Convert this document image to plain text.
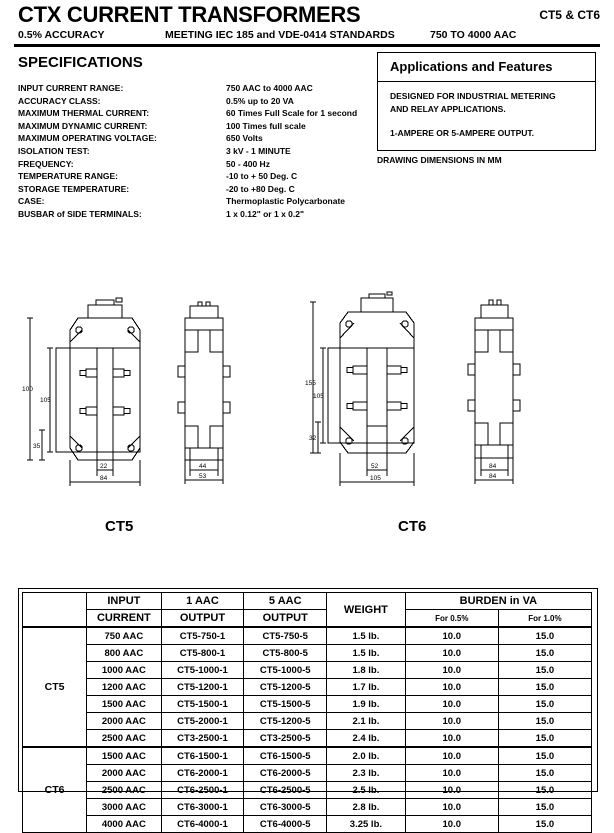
CTX CURRENT TRANSFORMERS	CT5 & CT6
0.5% ACCURACY	MEETING IEC 185 and VDE-0414 STANDARDS	750 TO 4000 AAC
SPECIFICATIONS
INPUT CURRENT RANGE:	750 AAC to 4000 AAC
ACCURACY CLASS:	0.5% up to 20 VA
MAXIMUM THERMAL CURRENT:	60 Times Full Scale for 1 second
MAXIMUM DYNAMIC CURRENT:	100 Times full scale
MAXIMUM OPERATING VOLTAGE:	650 Volts
ISOLATION TEST:	3 kV - 1 MINUTE
FREQUENCY:	50 - 400 Hz
TEMPERATURE RANGE:	-10 to + 50 Deg. C
STORAGE TEMPERATURE:	-20 to +80 Deg. C
CASE:	Thermoplastic Polycarbonate
BUSBAR of SIDE TERMINALS:	1 x 0.12" or 1 x 0.2"
Applications and Features

DESIGNED FOR INDUSTRIAL METERING

AND RELAY APPLICATIONS.

1-AMPERE OR 5-AMPERE OUTPUT.

DRAWING DIMENSIONS IN MM
100
105
35
22
84
44
53
155
105
32
52
105
84
84
CT5	CT6
	INPUT	1 AAC	5 AAC	WEIGHT	BURDEN in VA	
	CURRENT	OUTPUT	OUTPUT		For 0.5%	For 1.0%
CT5	750 AAC	CT5-750-1	CT5-750-5	1.5 lb.	10.0	15.0
	800 AAC	CT5-800-1	CT5-800-5	1.5 lb.	10.0	15.0
	1000 AAC	CT5-1000-1	CT5-1000-5	1.8 lb.	10.0	15.0
	1200 AAC	CT5-1200-1	CT5-1200-5	1.7 lb.	10.0	15.0
	1500 AAC	CT5-1500-1	CT5-1500-5	1.9 lb.	10.0	15.0
	2000 AAC	CT5-2000-1	CT5-1200-5	2.1 lb.	10.0	15.0
	2500 AAC	CT3-2500-1	CT3-2500-5	2.4 lb.	10.0	15.0
CT6	1500 AAC	CT6-1500-1	CT6-1500-5	2.0 lb.	10.0	15.0
	2000 AAC	CT6-2000-1	CT6-2000-5	2.3 lb.	10.0	15.0
	2500 AAC	CT6-2500-1	CT6-2500-5	2.5 lb.	10.0	15.0
	3000 AAC	CT6-3000-1	CT6-3000-5	2.8 lb.	10.0	15.0
	4000 AAC	CT6-4000-1	CT6-4000-5	3.25 lb.	10.0	15.0
